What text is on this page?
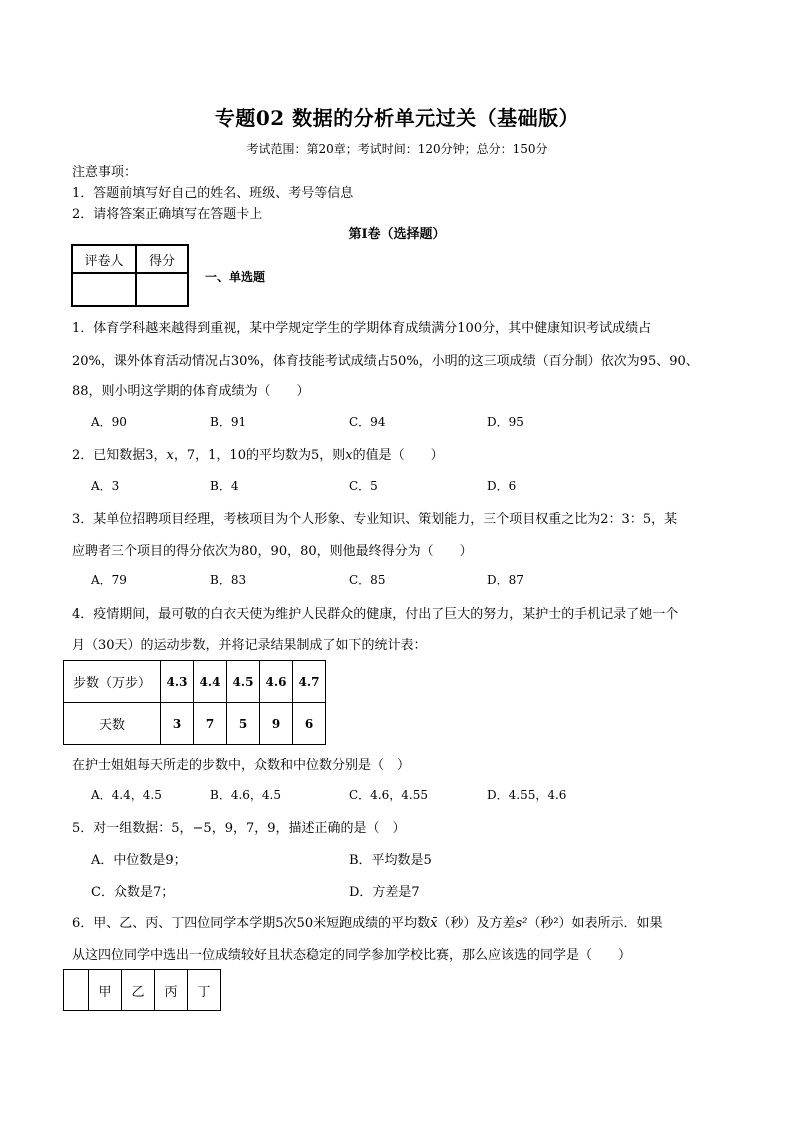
专题02 数据的分析单元过关（基础版）
考试范围：第20章；考试时间：120分钟；总分：150分
注意事项：
1．答题前填写好自己的姓名、班级、考号等信息
2．请将答案正确填写在答题卡上
第I卷（选择题）
评卷人	得分

一、单选题
1．体育学科越来越得到重视，某中学规定学生的学期体育成绩满分100分，其中健康知识考试成绩占
20%，课外体育活动情况占30%，体育技能考试成绩占50%，小明的这三项成绩（百分制）依次为95、90、
88，则小明这学期的体育成绩为（　　）
A．90	B．91	C．94	D．95
2．已知数据3，x，7，1，10的平均数为5，则x的值是（　　）
A．3	B．4	C．5	D．6
3．某单位招聘项目经理，考核项目为个人形象、专业知识、策划能力，三个项目权重之比为2：3：5，某
应聘者三个项目的得分依次为80，90，80，则他最终得分为（　　）
A．79	B．83	C．85	D．87
4．疫情期间，最可敬的白衣天使为维护人民群众的健康，付出了巨大的努力，某护士的手机记录了她一个
月（30天）的运动步数，并将记录结果制成了如下的统计表：
步数（万步）	4.3	4.4	4.5	4.6	4.7
天数	3	7	5	9	6
在护士姐姐每天所走的步数中，众数和中位数分别是（　）
A．4.4，4.5	B．4.6，4.5	C．4.6，4.55	D．4.55，4.6
5．对一组数据：5，−5，9，7，9，描述正确的是（　）
A．中位数是9；	B．平均数是5
C．众数是7；	D．方差是7
6．甲、乙、丙、丁四位同学本学期5次50米短跑成绩的平均数x̄（秒）及方差s²（秒²）如表所示．如果
从这四位同学中选出一位成绩较好且状态稳定的同学参加学校比赛，那么应该选的同学是（　　）
	甲	乙	丙	丁
